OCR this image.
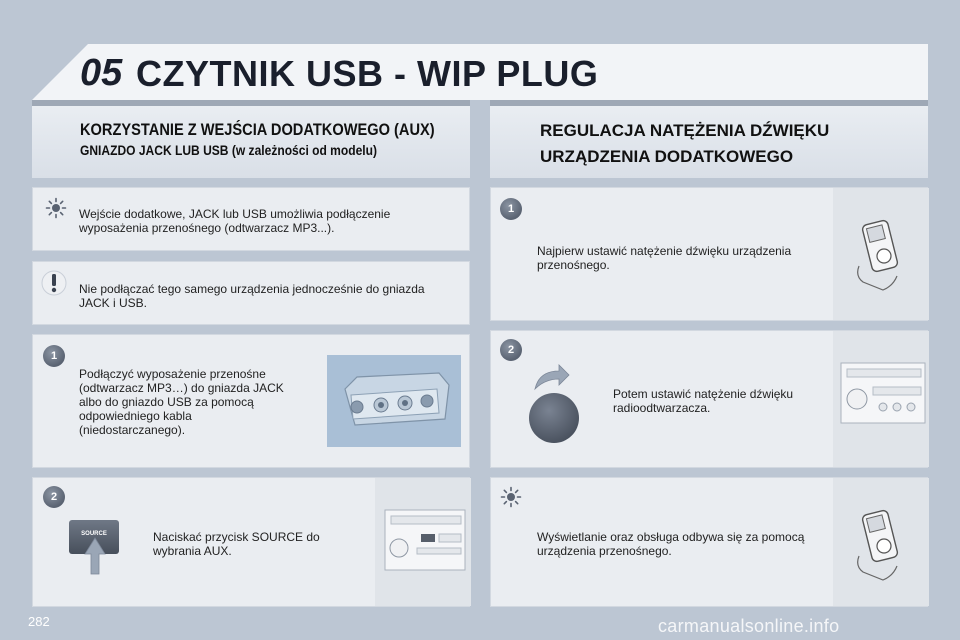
05 CZYTNIK USB - WIP PLUG
KORZYSTANIE Z WEJŚCIA DODATKOWEGO (AUX)
GNIAZDO JACK LUB USB (w zależności od modelu)
REGULACJA NATĘŻENIA DŹWIĘKU
URZĄDZENIA DODATKOWEGO
Wejście dodatkowe, JACK lub USB umożliwia podłączenie wyposażenia przenośnego (odtwarzacz MP3...).
Nie podłączać tego samego urządzenia jednocześnie do gniazda JACK i USB.
1
Podłączyć wyposażenie przenośne (odtwarzacz MP3…) do gniazda JACK albo do gniazdo USB za pomocą odpowiedniego kabla (niedostarczanego).
2
SOURCE	Naciskać przycisk SOURCE do wybrania AUX.
1
Najpierw ustawić natężenie dźwięku urządzenia przenośnego.
2
Potem ustawić natężenie dźwięku radioodtwarzacza.
Wyświetlanie oraz obsługa odbywa się za pomocą urządzenia przenośnego.
282	carmanualsonline.info
